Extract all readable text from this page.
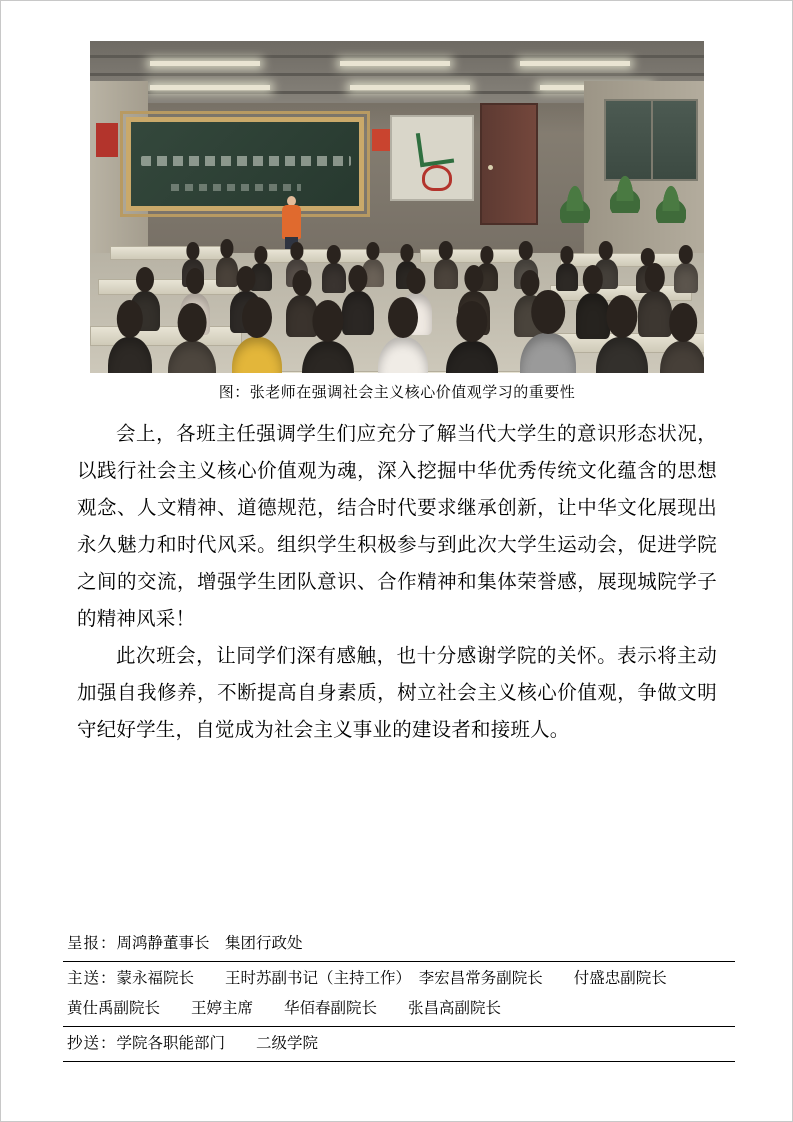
图：张老师在强调社会主义核心价值观学习的重要性

会上，各班主任强调学生们应充分了解当代大学生的意识形态状况，以践行社会主义核心价值观为魂，深入挖掘中华优秀传统文化蕴含的思想观念、人文精神、道德规范，结合时代要求继承创新，让中华文化展现出永久魅力和时代风采。组织学生积极参与到此次大学生运动会，促进学院之间的交流，增强学生团队意识、合作精神和集体荣誉感，展现城院学子的精神风采！

此次班会，让同学们深有感触，也十分感谢学院的关怀。表示将主动加强自我修养，不断提高自身素质，树立社会主义核心价值观，争做文明守纪好学生，自觉成为社会主义事业的建设者和接班人。

呈报：周鸿静董事长　集团行政处
主送：蒙永福院长　　王时苏副书记（主持工作）　李宏昌常务副院长　　付盛忠副院长
黄仕禹副院长　　王婷主席　　华佰春副院长　　张昌高副院长
抄送：学院各职能部门　　二级学院
